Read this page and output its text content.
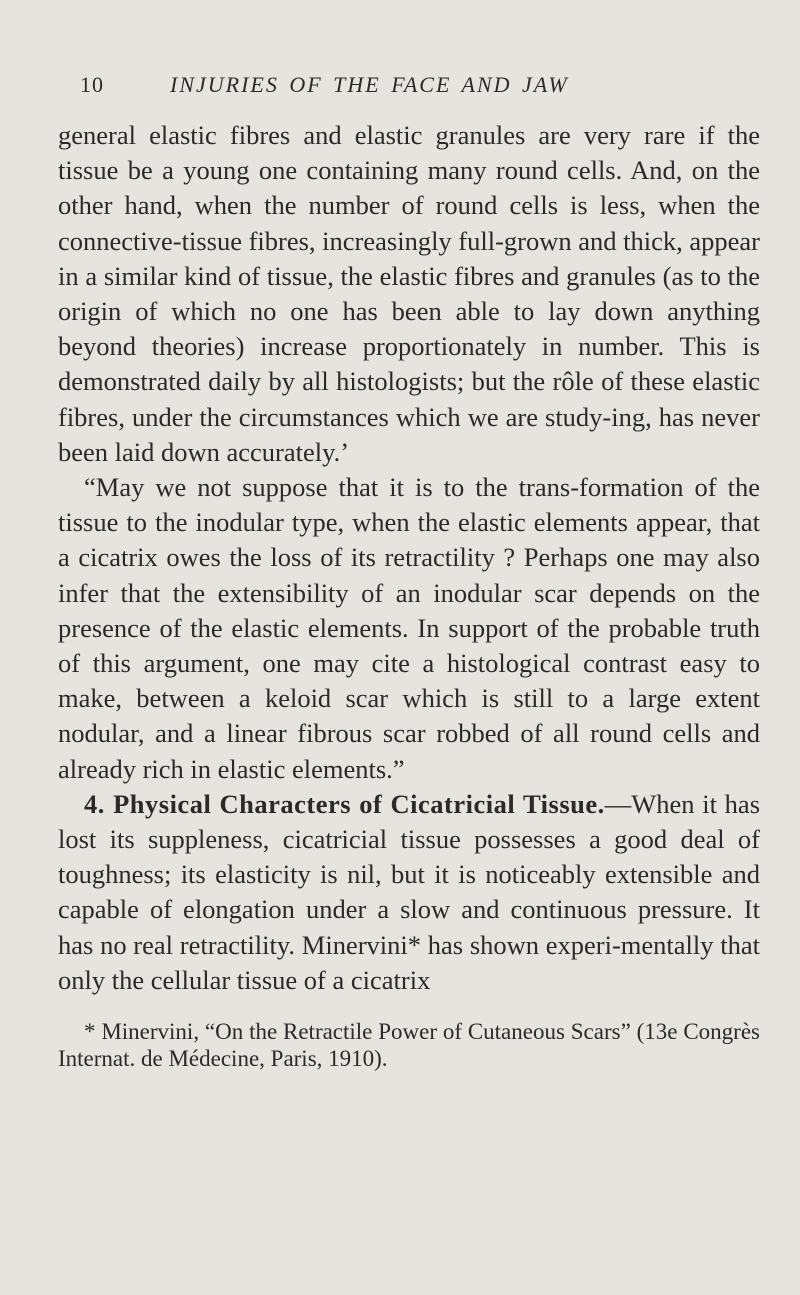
10	INJURIES OF THE FACE AND JAW

general elastic fibres and elastic granules are very rare if the tissue be a young one containing many round cells. And, on the other hand, when the number of round cells is less, when the connective-tissue fibres, increasingly full-grown and thick, appear in a similar kind of tissue, the elastic fibres and granules (as to the origin of which no one has been able to lay down anything beyond theories) increase proportionately in number. This is demonstrated daily by all histologists; but the rôle of these elastic fibres, under the circumstances which we are study-ing, has never been laid down accurately.’

“May we not suppose that it is to the trans-formation of the tissue to the inodular type, when the elastic elements appear, that a cicatrix owes the loss of its retractility ? Perhaps one may also infer that the extensibility of an inodular scar depends on the presence of the elastic elements. In support of the probable truth of this argument, one may cite a histological contrast easy to make, between a keloid scar which is still to a large extent nodular, and a linear fibrous scar robbed of all round cells and already rich in elastic elements.”

4. Physical Characters of Cicatricial Tissue.—When it has lost its suppleness, cicatricial tissue possesses a good deal of toughness; its elasticity is nil, but it is noticeably extensible and capable of elongation under a slow and continuous pressure. It has no real retractility. Minervini* has shown experi-mentally that only the cellular tissue of a cicatrix

* Minervini, “On the Retractile Power of Cutaneous Scars” (13e Congrès Internat. de Médecine, Paris, 1910).
